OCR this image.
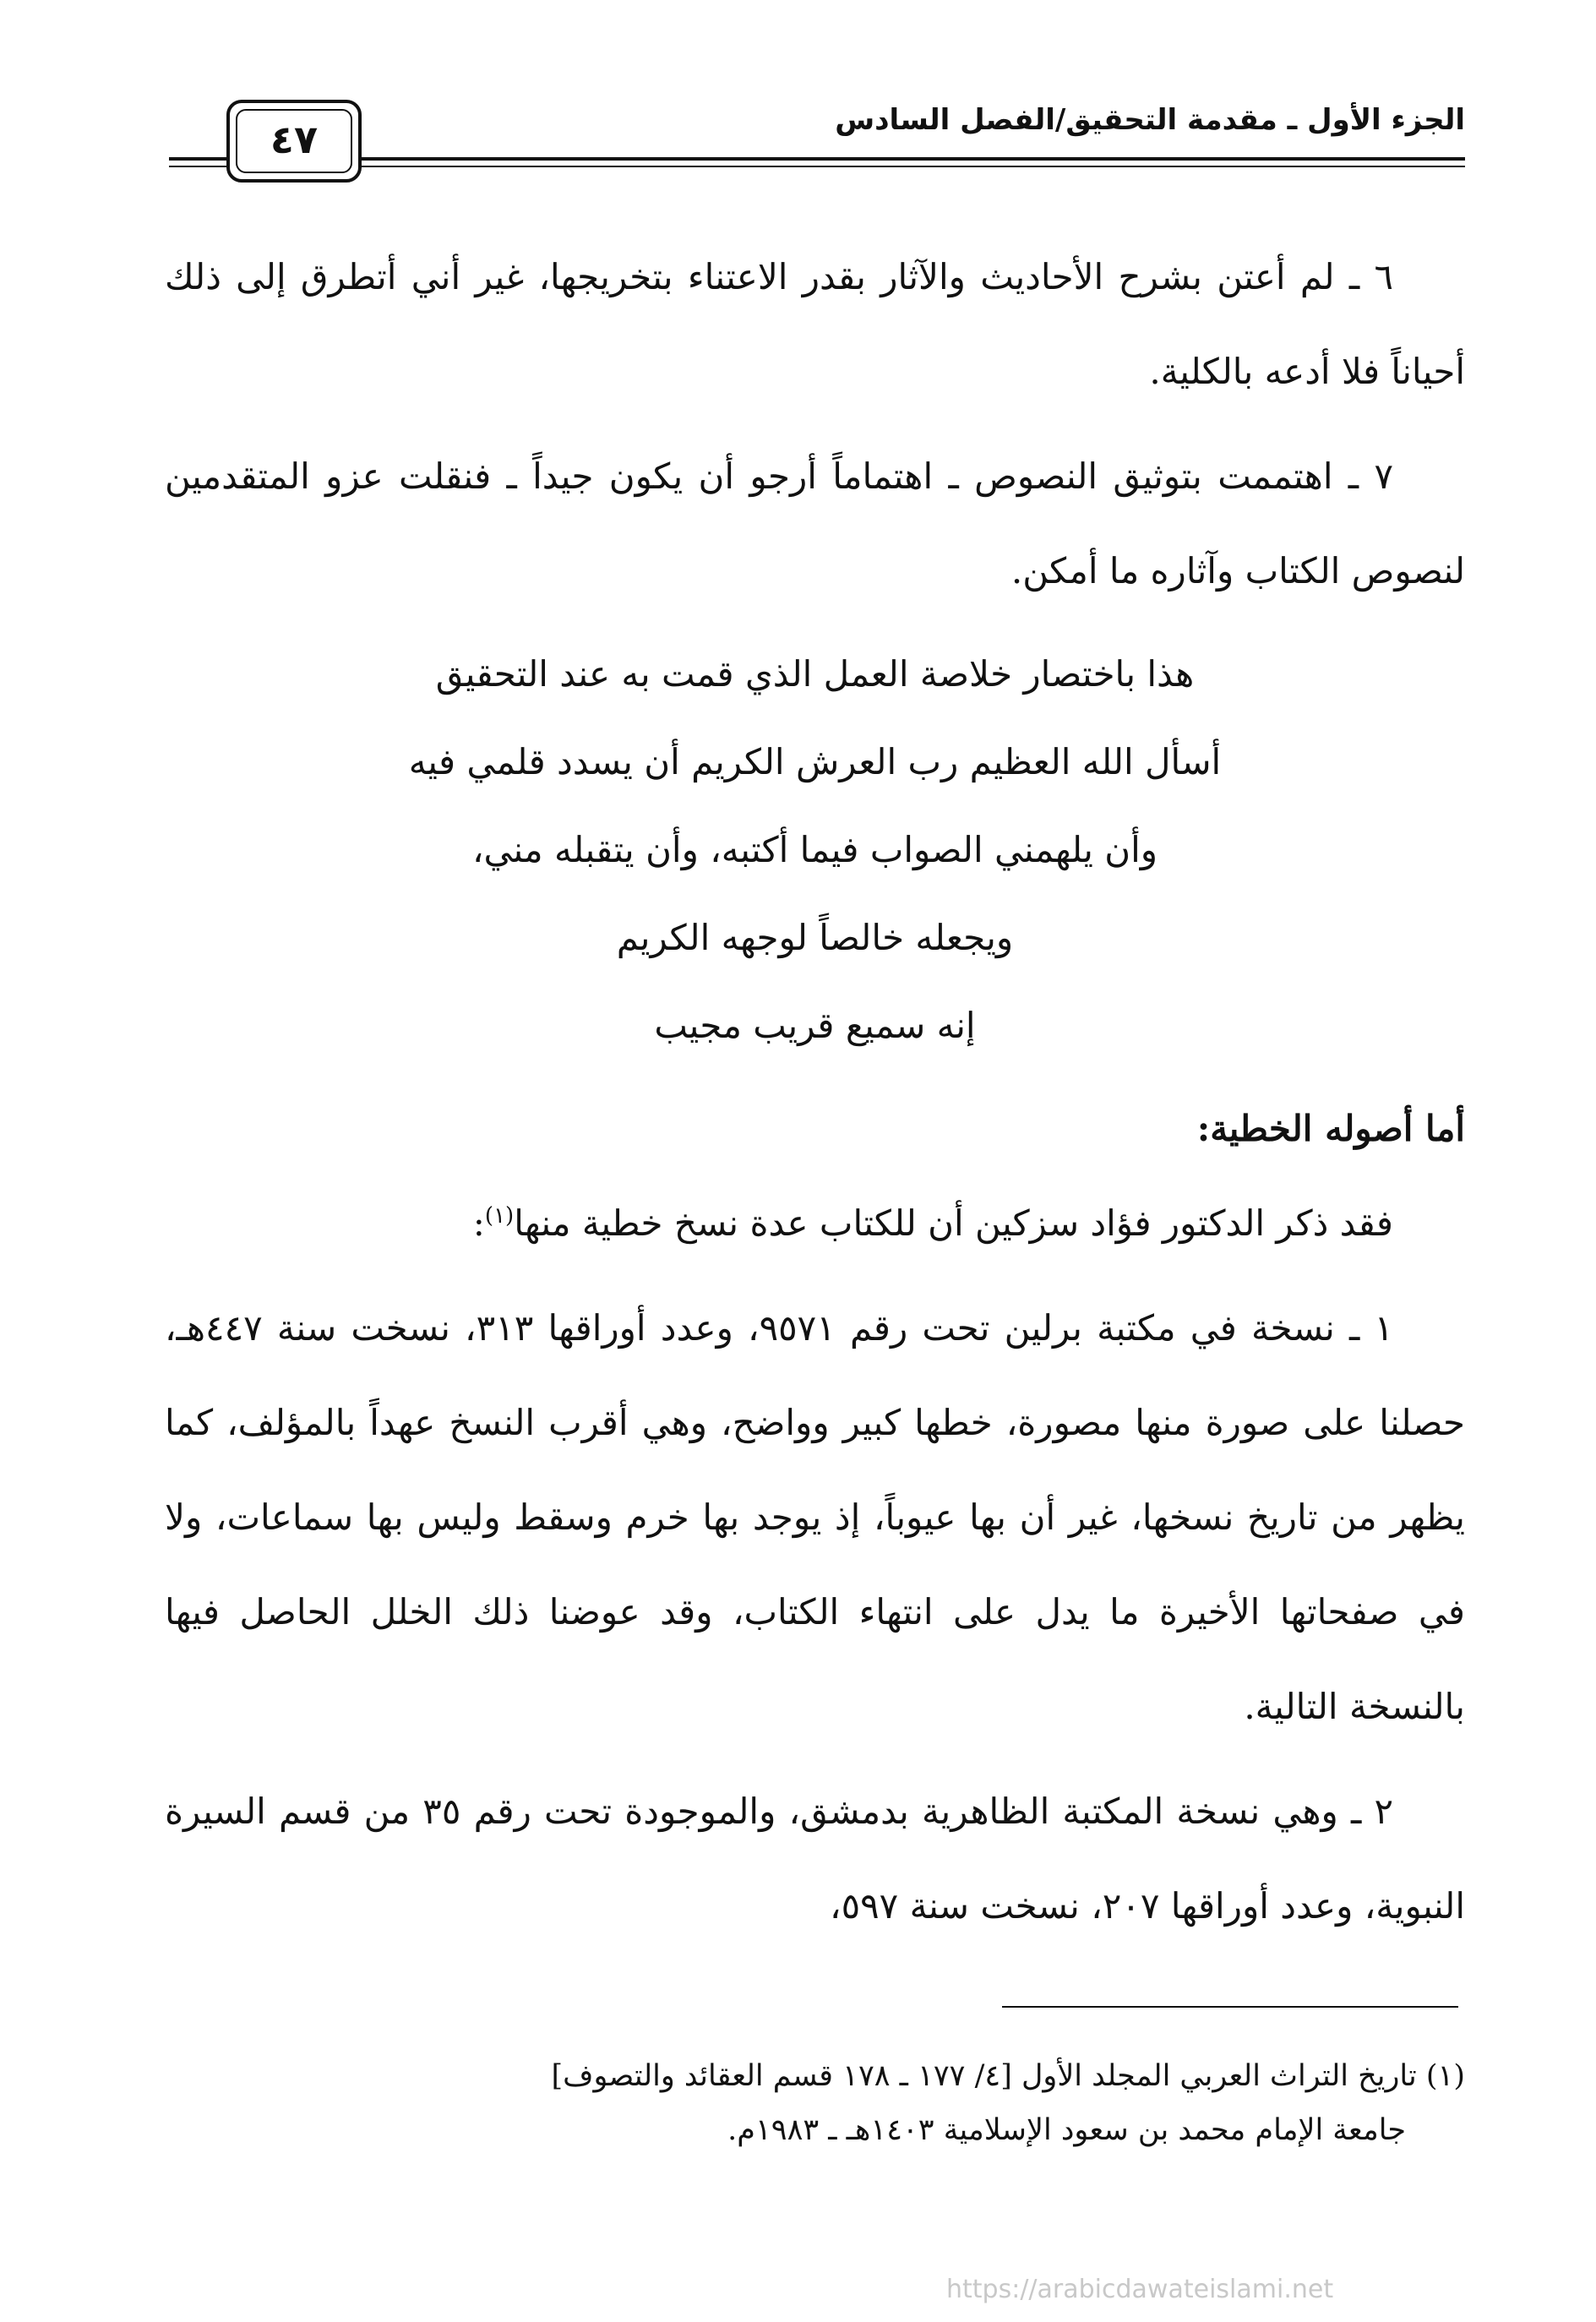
الجزء الأول ـ مقدمة التحقيق/الفصل السادس
٤٧

٦ ـ لم أعتن بشرح الأحاديث والآثار بقدر الاعتناء بتخريجها، غير أني أتطرق إلى ذلك أحياناً فلا أدعه بالكلية.

٧ ـ اهتممت بتوثيق النصوص ـ اهتماماً أرجو أن يكون جيداً ـ فنقلت عزو المتقدمين لنصوص الكتاب وآثاره ما أمكن.

هذا باختصار خلاصة العمل الذي قمت به عند التحقيق
أسأل الله العظيم رب العرش الكريم أن يسدد قلمي فيه
وأن يلهمني الصواب فيما أكتبه، وأن يتقبله مني،
ويجعله خالصاً لوجهه الكريم
إنه سميع قريب مجيب

أما أصوله الخطية:

فقد ذكر الدكتور فؤاد سزكين أن للكتاب عدة نسخ خطية منها$^{(١)}$:

١ ـ نسخة في مكتبة برلين تحت رقم ٩٥٧١، وعدد أوراقها ٣١٣، نسخت سنة ٤٤٧هـ، حصلنا على صورة منها مصورة، خطها كبير وواضح، وهي أقرب النسخ عهداً بالمؤلف، كما يظهر من تاريخ نسخها، غير أن بها عيوباً، إذ يوجد بها خرم وسقط وليس بها سماعات، ولا في صفحاتها الأخيرة ما يدل على انتهاء الكتاب، وقد عوضنا ذلك الخلل الحاصل فيها بالنسخة التالية.

٢ ـ وهي نسخة المكتبة الظاهرية بدمشق، والموجودة تحت رقم ٣٥ من قسم السيرة النبوية، وعدد أوراقها ٢٠٧، نسخت سنة ٥٩٧،

(١) تاريخ التراث العربي المجلد الأول [٤/ ١٧٧ ـ ١٧٨ قسم العقائد والتصوف]

جامعة الإمام محمد بن سعود الإسلامية ١٤٠٣هـ ـ ١٩٨٣م.

https://arabicdawateislami.net
